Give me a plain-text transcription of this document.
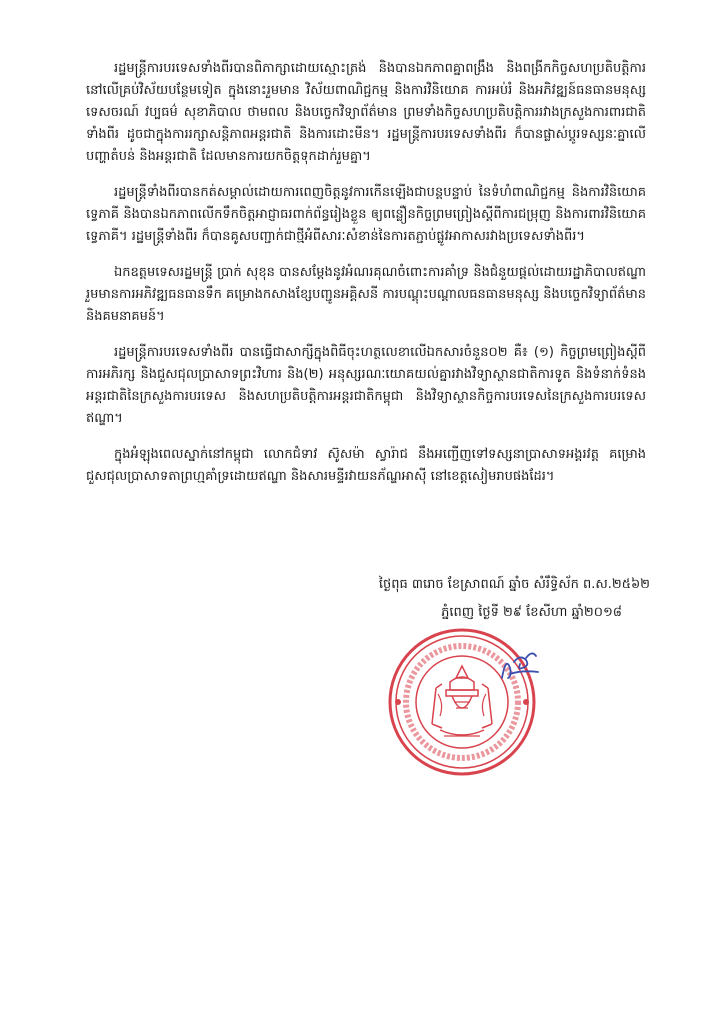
រដ្ឋមន្ត្រីការបរទេសទាំងពីរបានពិភាក្សាដោយស្មោះត្រង់ និងបានឯកភាពគ្នាពង្រឹង និងពង្រីកកិច្ចសហប្រតិបត្តិការនៅលើគ្រប់វិស័យបន្ថែមទៀត ក្នុងនោះរួមមាន វិស័យពាណិជ្ជកម្ម និងការវិនិយោគ ការអប់រំ និងអភិវឌ្ឍន៍ធនធានមនុស្ស ទេសចរណ៍ វប្បធម៌ សុខាភិបាល ថាមពល និងបច្ចេកវិទ្យាព័ត៌មាន ព្រមទាំងកិច្ចសហប្រតិបត្តិការរវាងក្រសួងការពារជាតិទាំងពីរ ដូចជាក្នុងការរក្សាសន្តិភាពអន្តរជាតិ និងការដោះមីន។ រដ្ឋមន្ត្រីការបរទេសទាំងពីរ ក៏បានផ្លាស់ប្តូរទស្សនៈគ្នាលើបញ្ហាតំបន់ និងអន្តរជាតិ ដែលមានការយកចិត្តទុកដាក់រួមគ្នា។

រដ្ឋមន្ត្រីទាំងពីរបានកត់សម្គាល់ដោយការពេញចិត្តនូវការកើនឡើងជាបន្តបន្ទាប់ នៃទំហំពាណិជ្ជកម្ម និងការវិនិយោគទ្វេភាគី និងបានឯកភាពលើកទឹកចិត្តអាជ្ញាធរពាក់ព័ន្ធរៀងខ្លួន ឲ្យពន្លឿនកិច្ចព្រមព្រៀងស្តីពីការជម្រុញ និងការពារវិនិយោគទ្វេភាគី។ រដ្ឋមន្ត្រីទាំងពីរ ក៏បានគូសបញ្ជាក់ជាថ្មីអំពីសារៈសំខាន់នៃការតភ្ជាប់ផ្លូវអាកាសរវាងប្រទេសទាំងពីរ។

ឯកឧត្តមទេសរដ្ឋមន្ត្រី ប្រាក់ សុខុន បានសម្តែងនូវអំណរគុណចំពោះការគាំទ្រ និងជំនួយផ្តល់ដោយរដ្ឋាភិបាលឥណ្ឌា រួមមានការអភិវឌ្ឍធនធានទឹក គម្រោងកសាងខ្សែបញ្ជូនអគ្គិសនី ការបណ្តុះបណ្តាលធនធានមនុស្ស និងបច្ចេកវិទ្យាព័ត៌មាន និងគមនាគមន៍។

រដ្ឋមន្ត្រីការបរទេសទាំងពីរ បានធ្វើជាសាក្សីក្នុងពិធីចុះហត្ថលេខាលើឯកសារចំនួន០២ គឺ៖ (១) កិច្ចព្រមព្រៀងស្តីពីការអភិរក្ស និងជួសជុលប្រាសាទព្រះវិហារ និង(២) អនុស្សរណៈយោគយល់គ្នារវាងវិទ្យាស្ថានជាតិការទូត និងទំនាក់ទំនងអន្តរជាតិនៃក្រសួងការបរទេស និងសហប្រតិបត្តិការអន្តរជាតិកម្ពុជា និងវិទ្យាស្ថានកិច្ចការបរទេសនៃក្រសួងការបរទេសឥណ្ឌា។

ក្នុងអំឡុងពេលស្នាក់នៅកម្ពុជា លោកជំទាវ ស៊ូសម៉ា ស្វារ៉ាជ នឹងអញ្ជើញទៅទស្សនាប្រាសាទអង្គរវត្ត គម្រោងជួសជុលប្រាសាទតាព្រហ្មគាំទ្រដោយឥណ្ឌា និងសារមន្ទីរវាយនភ័ណ្ឌអាស៊ី នៅខេត្តសៀមរាបផងដែរ។

ថ្ងៃពុធ ៣រោច ខែស្រាពណ៍ ឆ្នាំច សំរឹទ្ធិស័ក ព.ស.២៥៦២

ភ្នំពេញ ថ្ងៃទី ២៩ ខែសីហា ឆ្នាំ២០១៨
